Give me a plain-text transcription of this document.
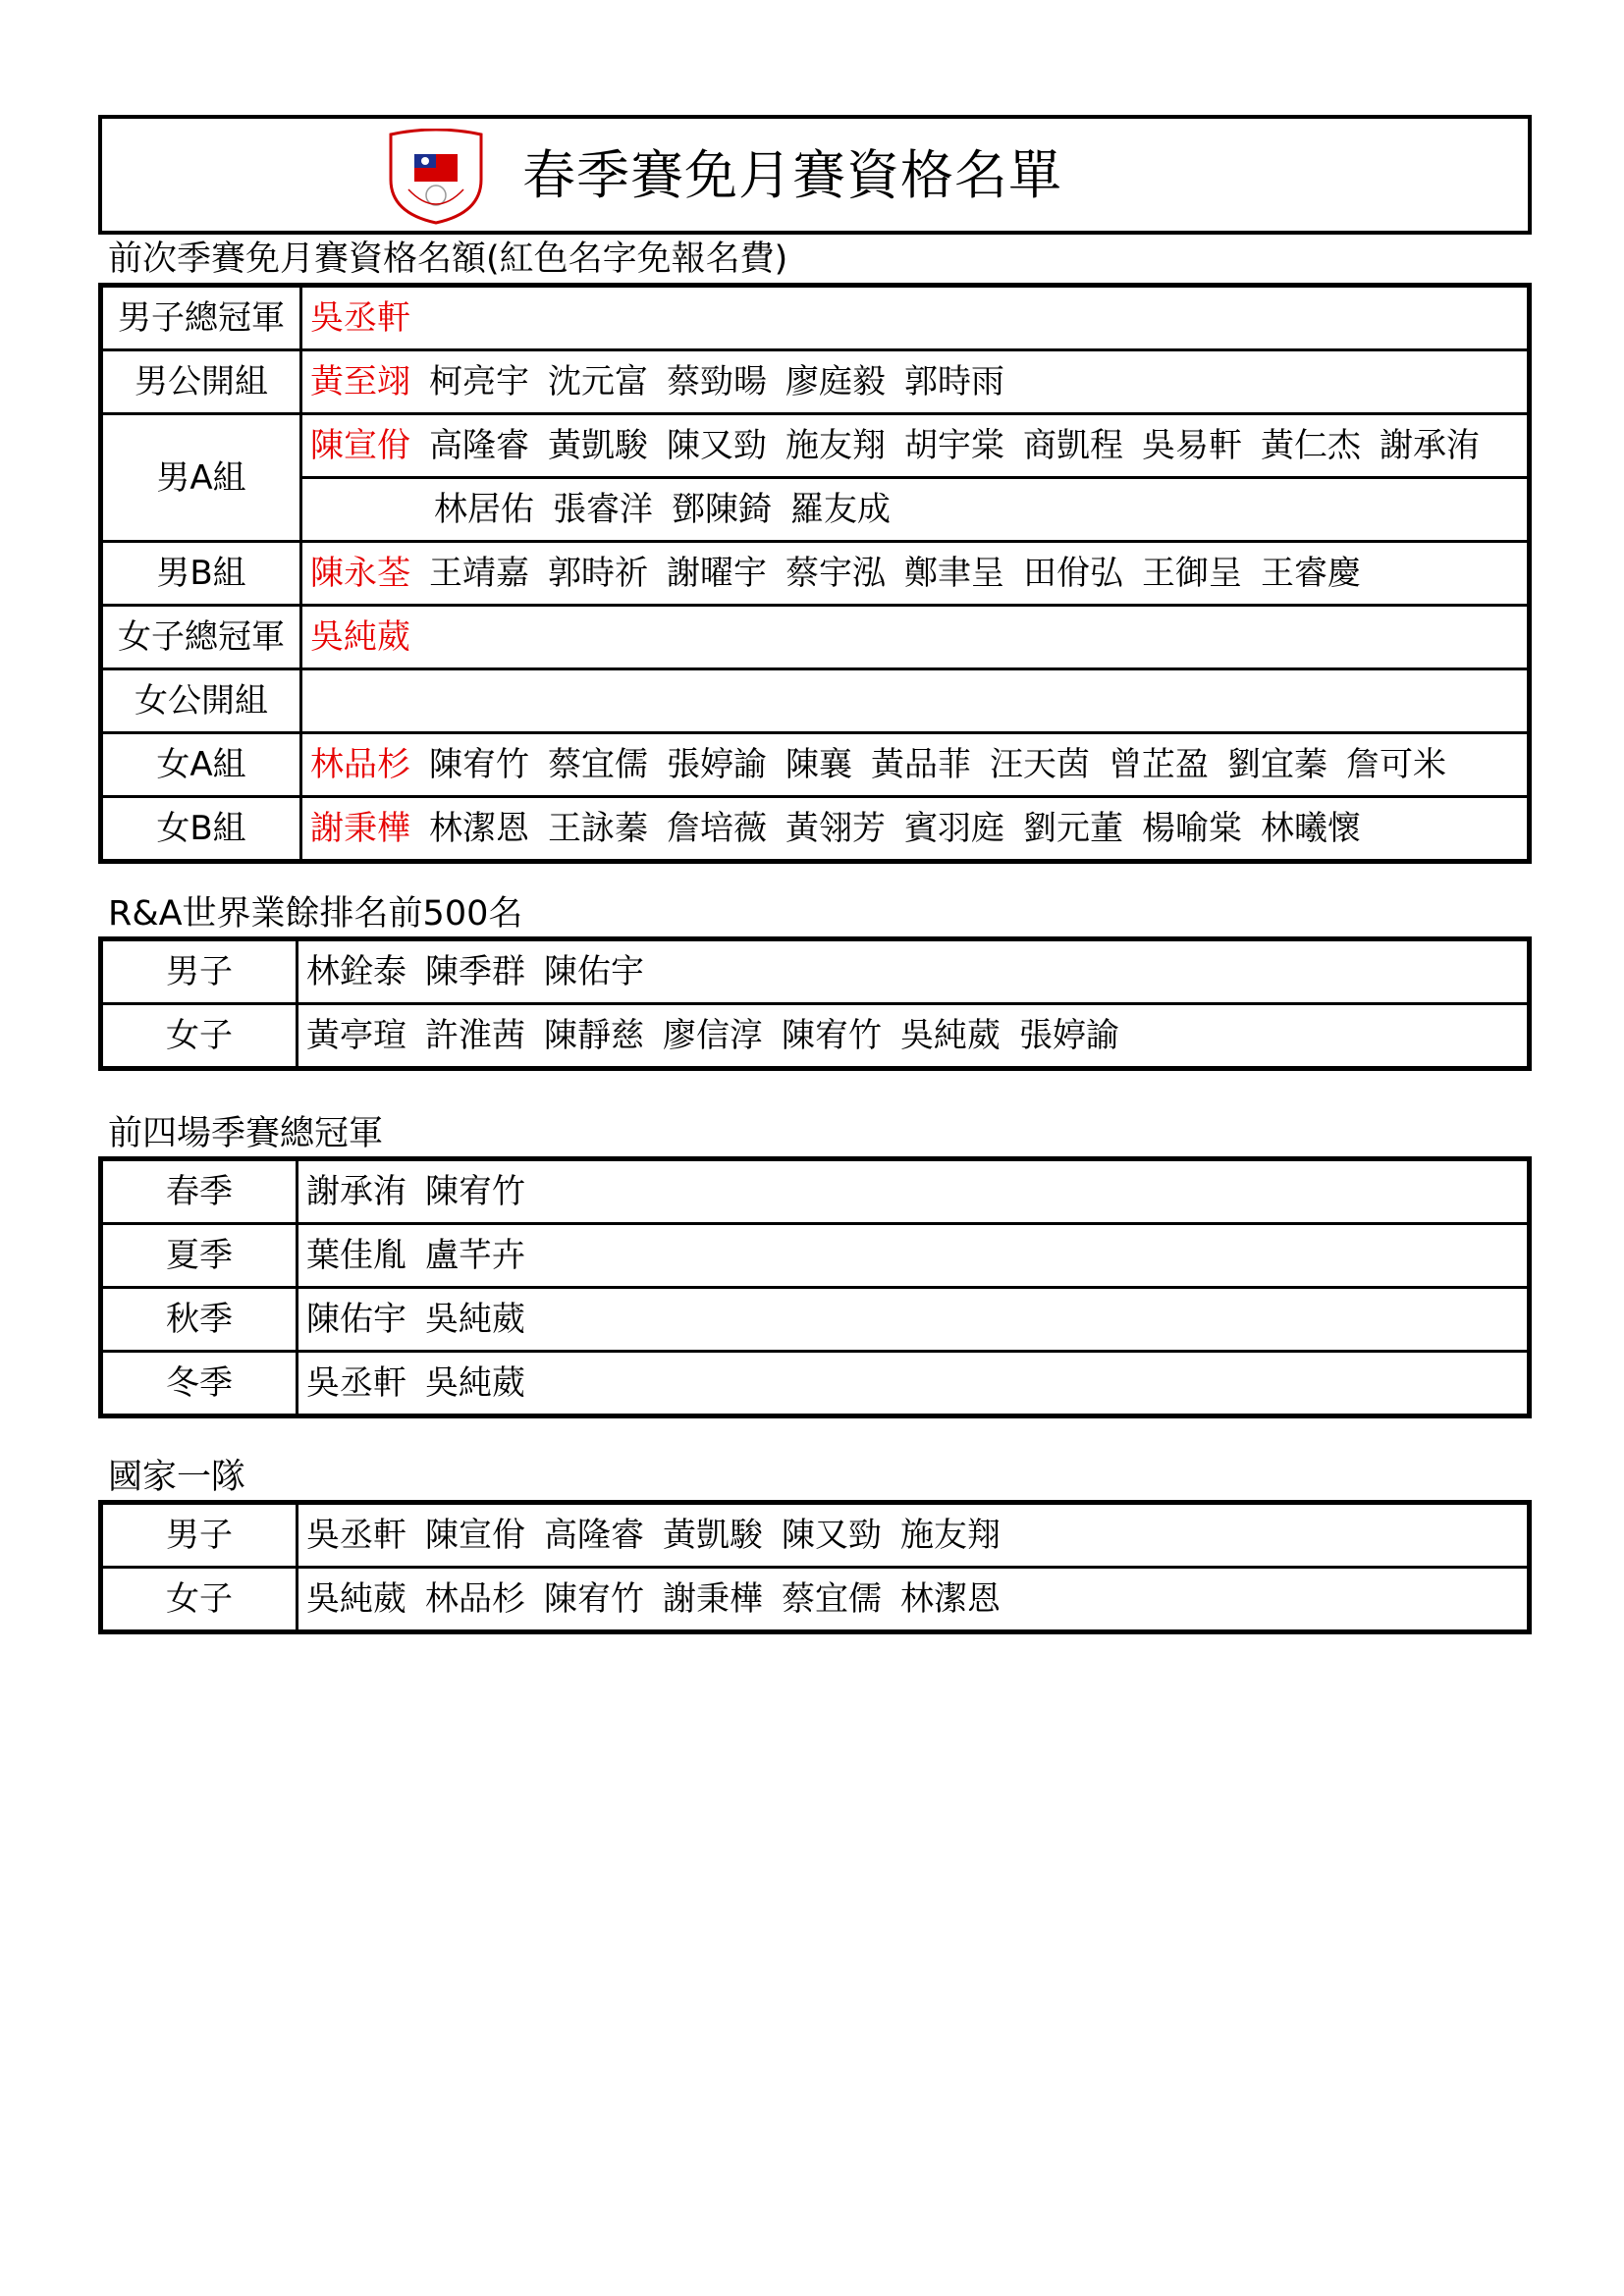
春季賽免月賽資格名單
前次季賽免月賽資格名額(紅色名字免報名費)
男子總冠軍	吳丞軒
男公開組	黃至翊 柯亮宇 沈元富 蔡勁暘 廖庭毅 郭時雨
男A組	陳宣佾 高隆睿 黃凱駿 陳又勁 施友翔 胡宇棠 商凱程 吳易軒 黃仁杰 謝承洧
	林居佑 張睿洋 鄧陳錡 羅友成
男B組	陳永荃 王靖嘉 郭時祈 謝曜宇 蔡宇泓 鄭聿呈 田佾弘 王御呈 王睿慶
女子總冠軍	吳純葳
女公開組	
女A組	林品杉 陳宥竹 蔡宜儒 張婷諭 陳襄 黃品菲 汪天茵 曾芷盈 劉宜蓁 詹可米
女B組	謝秉樺 林潔恩 王詠蓁 詹培薇 黃翎芳 賓羽庭 劉元董 楊喻棠 林曦懷
R&A世界業餘排名前500名
男子	林銓泰 陳季群 陳佑宇
女子	黃亭瑄 許淮茜 陳靜慈 廖信淳 陳宥竹 吳純葳 張婷諭
前四場季賽總冠軍
春季	謝承洧 陳宥竹
夏季	葉佳胤 盧芊卉
秋季	陳佑宇 吳純葳
冬季	吳丞軒 吳純葳
國家一隊
男子	吳丞軒 陳宣佾 高隆睿 黃凱駿 陳又勁 施友翔
女子	吳純葳 林品杉 陳宥竹 謝秉樺 蔡宜儒 林潔恩
